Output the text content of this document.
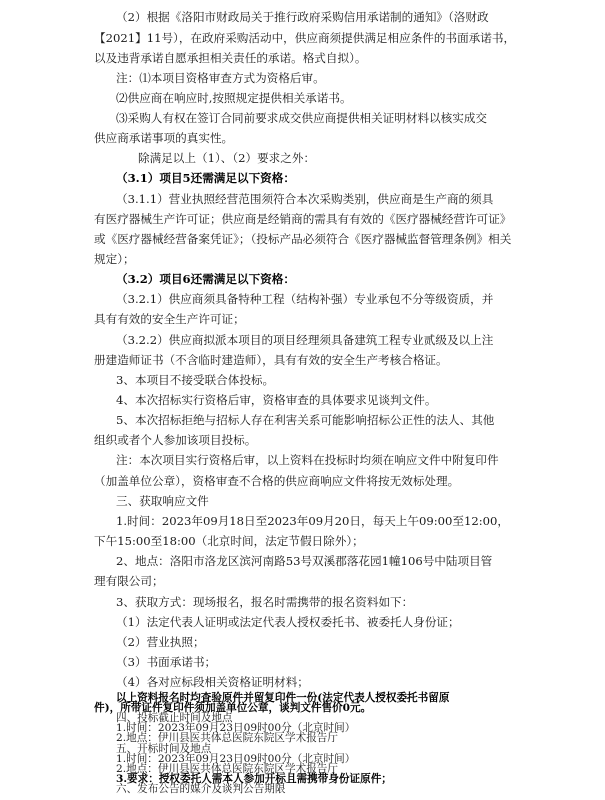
（2）根据《洛阳市财政局关于推行政府采购信用承诺制的通知》（洛财政
【2021】11号），在政府采购活动中，供应商须提供满足相应条件的书面承诺书，
以及违背承诺自愿承担相关责任的承诺。格式自拟）。
注：⑴本项目资格审查方式为资格后审。
⑵供应商在响应时,按照规定提供相关承诺书。
⑶采购人有权在签订合同前要求成交供应商提供相关证明材料以核实成交
供应商承诺事项的真实性。
除满足以上（1）、（2）要求之外：
（3.1）项目5还需满足以下资格：
（3.1.1）营业执照经营范围须符合本次采购类别，供应商是生产商的须具
有医疗器械生产许可证；供应商是经销商的需具有有效的《医疗器械经营许可证》
或《医疗器械经营备案凭证》；（投标产品必须符合《医疗器械监督管理条例》相关
规定）；
（3.2）项目6还需满足以下资格：
（3.2.1）供应商须具备特种工程（结构补强）专业承包不分等级资质，并
具有有效的安全生产许可证；
（3.2.2）供应商拟派本项目的项目经理须具备建筑工程专业贰级及以上注
册建造师证书（不含临时建造师），具有有效的安全生产考核合格证。
3、本项目不接受联合体投标。
4、本次招标实行资格后审，资格审查的具体要求见谈判文件。
5、本次招标拒绝与招标人存在利害关系可能影响招标公正性的法人、其他
组织或者个人参加该项目投标。
注：本次项目实行资格后审，以上资料在投标时均须在响应文件中附复印件
（加盖单位公章），资格审查不合格的供应商响应文件将按无效标处理。
三、获取响应文件
1.时间：2023年09月18日至2023年09月20日，每天上午09:00至12:00，
下午15:00至18:00（北京时间，法定节假日除外）；
2、地点：洛阳市洛龙区滨河南路53号双溪郡落花园1幢106号中陆项目管
理有限公司；
3、获取方式：现场报名，报名时需携带的报名资料如下：
（1）法定代表人证明或法定代表人授权委托书、被委托人身份证；
（2）营业执照；
（3）书面承诺书；
（4）各对应标段相关资格证明材料；
以上资料报名时均查验原件并留复印件一份(法定代表人授权委托书留原
件)，所带证件复印件须加盖单位公章，谈判文件售价0元。
四、投标截止时间及地点
1.时间：2023年09月23日09时00分（北京时间）
2.地点：伊川县医共体总医院东院区学术报告厅
五、开标时间及地点
1.时间：2023年09月23日09时00分（北京时间）
2.地点：伊川县医共体总医院东院区学术报告厅
3.要求：授权委托人需本人参加开标且需携带身份证原件；
六、发布公告的媒介及谈判公告期限
